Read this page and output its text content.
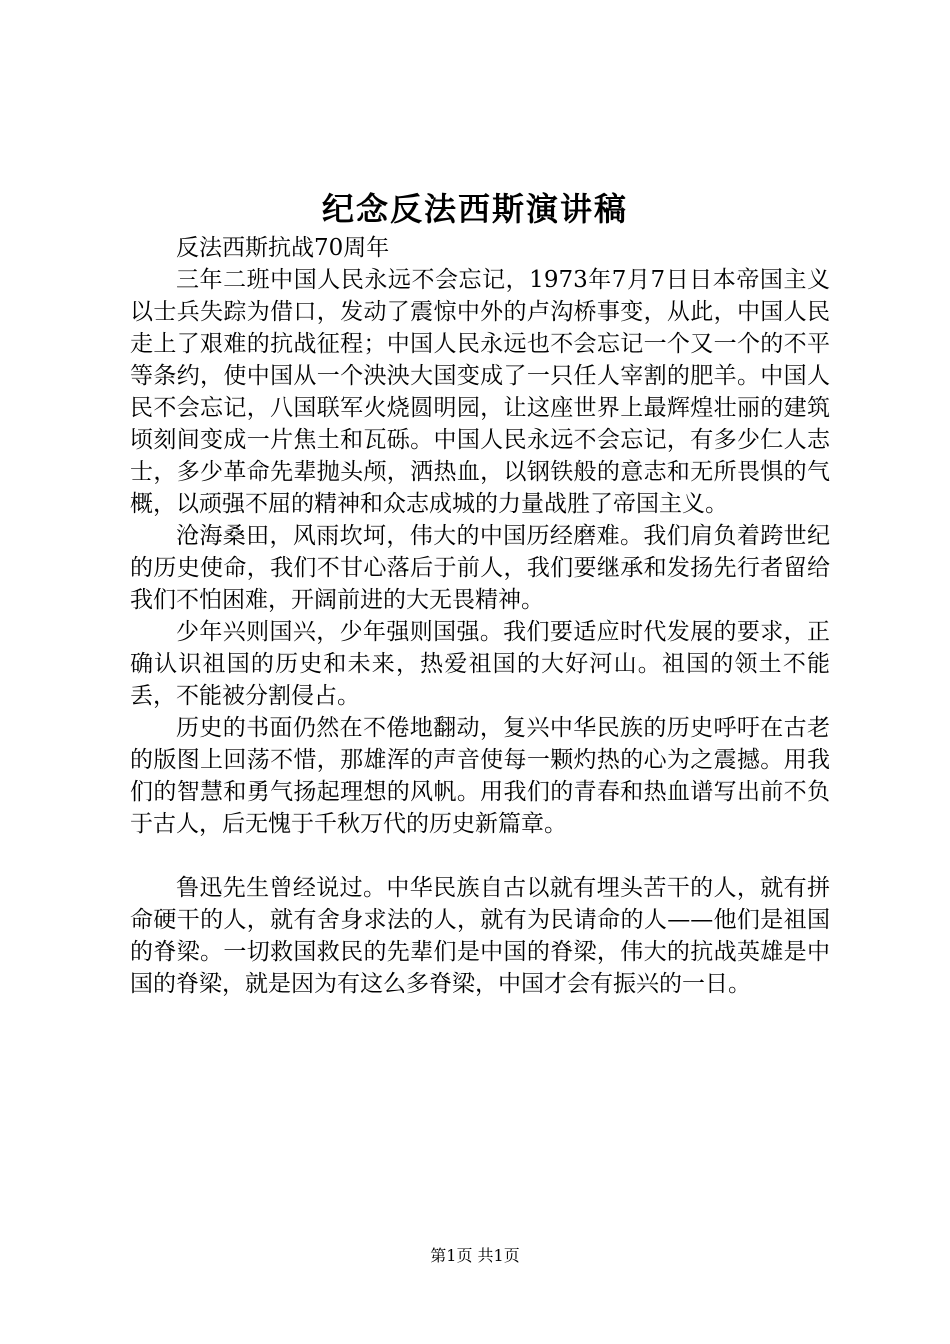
纪念反法西斯演讲稿

反法西斯抗战70周年

三年二班中国人民永远不会忘记，1973年7月7日日本帝国主义以士兵失踪为借口，发动了震惊中外的卢沟桥事变，从此，中国人民走上了艰难的抗战征程；中国人民永远也不会忘记一个又一个的不平等条约，使中国从一个泱泱大国变成了一只任人宰割的肥羊。中国人民不会忘记，八国联军火烧圆明园，让这座世界上最辉煌壮丽的建筑顷刻间变成一片焦土和瓦砾。中国人民永远不会忘记，有多少仁人志士，多少革命先辈抛头颅，洒热血，以钢铁般的意志和无所畏惧的气概，以顽强不屈的精神和众志成城的力量战胜了帝国主义。

沧海桑田，风雨坎坷，伟大的中国历经磨难。我们肩负着跨世纪的历史使命，我们不甘心落后于前人，我们要继承和发扬先行者留给我们不怕困难，开阔前进的大无畏精神。

少年兴则国兴，少年强则国强。我们要适应时代发展的要求，正确认识祖国的历史和未来，热爱祖国的大好河山。祖国的领土不能丢，不能被分割侵占。

历史的书面仍然在不倦地翻动，复兴中华民族的历史呼吁在古老的版图上回荡不惜，那雄浑的声音使每一颗灼热的心为之震撼。用我们的智慧和勇气扬起理想的风帆。用我们的青春和热血谱写出前不负于古人，后无愧于千秋万代的历史新篇章。

鲁迅先生曾经说过。中华民族自古以就有埋头苦干的人，就有拼命硬干的人，就有舍身求法的人，就有为民请命的人——他们是祖国的脊梁。一切救国救民的先辈们是中国的脊梁，伟大的抗战英雄是中国的脊梁，就是因为有这么多脊梁，中国才会有振兴的一日。

第1页 共1页
